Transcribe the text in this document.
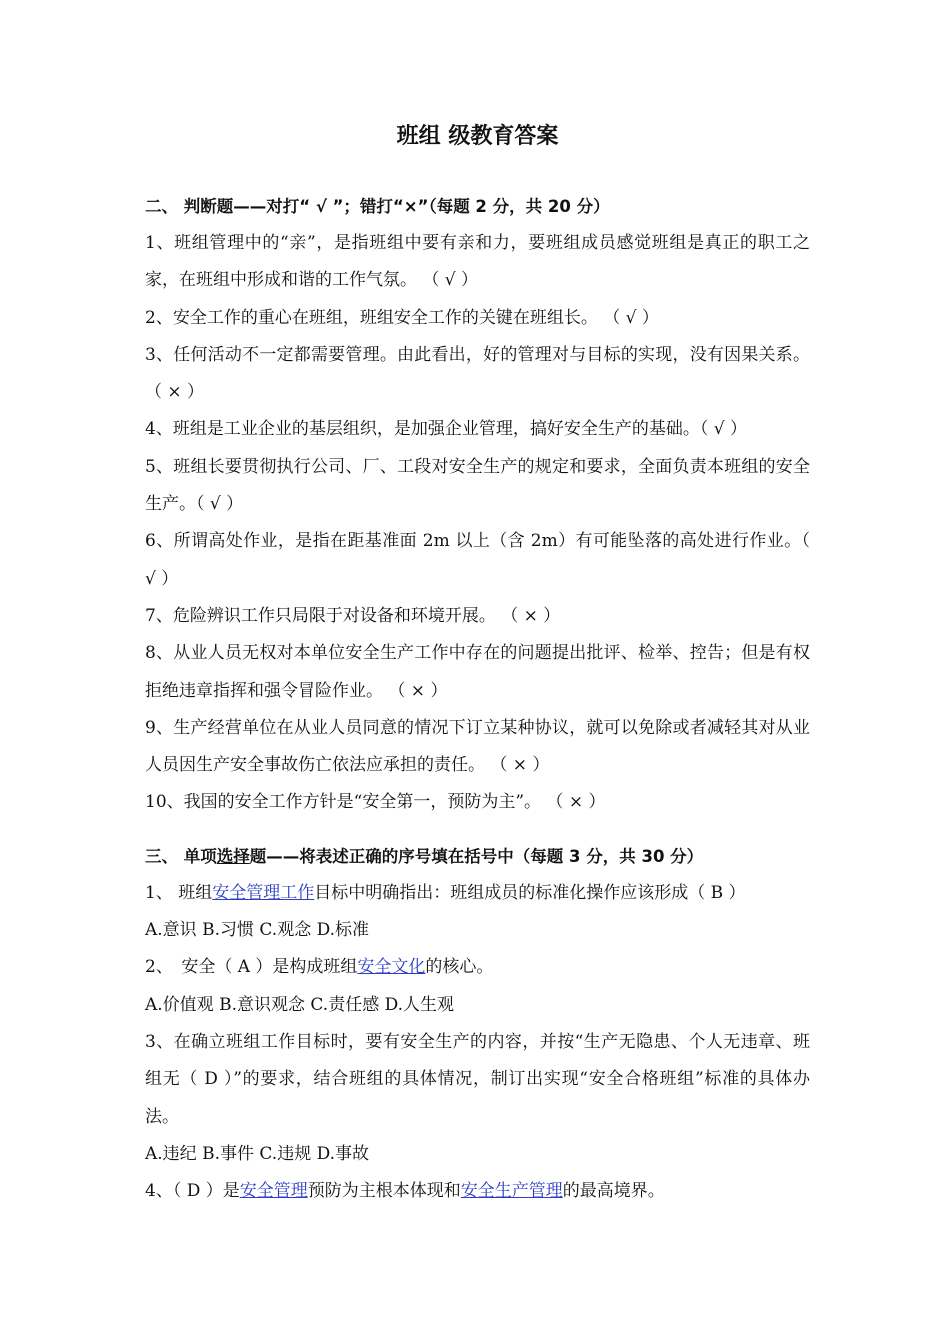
班组 级教育答案
二、 判断题——对打“ √ ”；错打“×”（每题 2 分，共 20 分）
1、班组管理中的“亲”，是指班组中要有亲和力，要班组成员感觉班组是真正的职工之家，在班组中形成和谐的工作气氛。 （ √ ）
2、安全工作的重心在班组，班组安全工作的关键在班组长。 （ √ ）
3、任何活动不一定都需要管理。由此看出，好的管理对与目标的实现，没有因果关系。 （ × ）
4、班组是工业企业的基层组织，是加强企业管理，搞好安全生产的基础。（ √ ）
5、班组长要贯彻执行公司、厂、工段对安全生产的规定和要求，全面负责本班组的安全生产。（ √ ）
6、所谓高处作业，是指在距基准面 2m 以上（含 2m）有可能坠落的高处进行作业。（ √ ）
7、危险辨识工作只局限于对设备和环境开展。 （ × ）
8、从业人员无权对本单位安全生产工作中存在的问题提出批评、检举、控告；但是有权拒绝违章指挥和强令冒险作业。 （ × ）
9、生产经营单位在从业人员同意的情况下订立某种协议，就可以免除或者减轻其对从业人员因生产安全事故伤亡依法应承担的责任。 （ × ）
10、我国的安全工作方针是“安全第一，预防为主”。 （ × ）
三、 单项选择题——将表述正确的序号填在括号中（每题 3 分，共 30 分）
1、 班组安全管理工作目标中明确指出：班组成员的标准化操作应该形成（ B ）
A.意识 B.习惯 C.观念 D.标准
2、　安全（ A ）是构成班组安全文化的核心。
A.价值观 B.意识观念 C.责任感 D.人生观
3、在确立班组工作目标时，要有安全生产的内容，并按“生产无隐患、个人无违章、班组无（ D ）”的要求，结合班组的具体情况，制订出实现“安全合格班组”标准的具体办法。
A.违纪 B.事件 C.违规 D.事故
4、（ D ）是安全管理预防为主根本体现和安全生产管理的最高境界。
